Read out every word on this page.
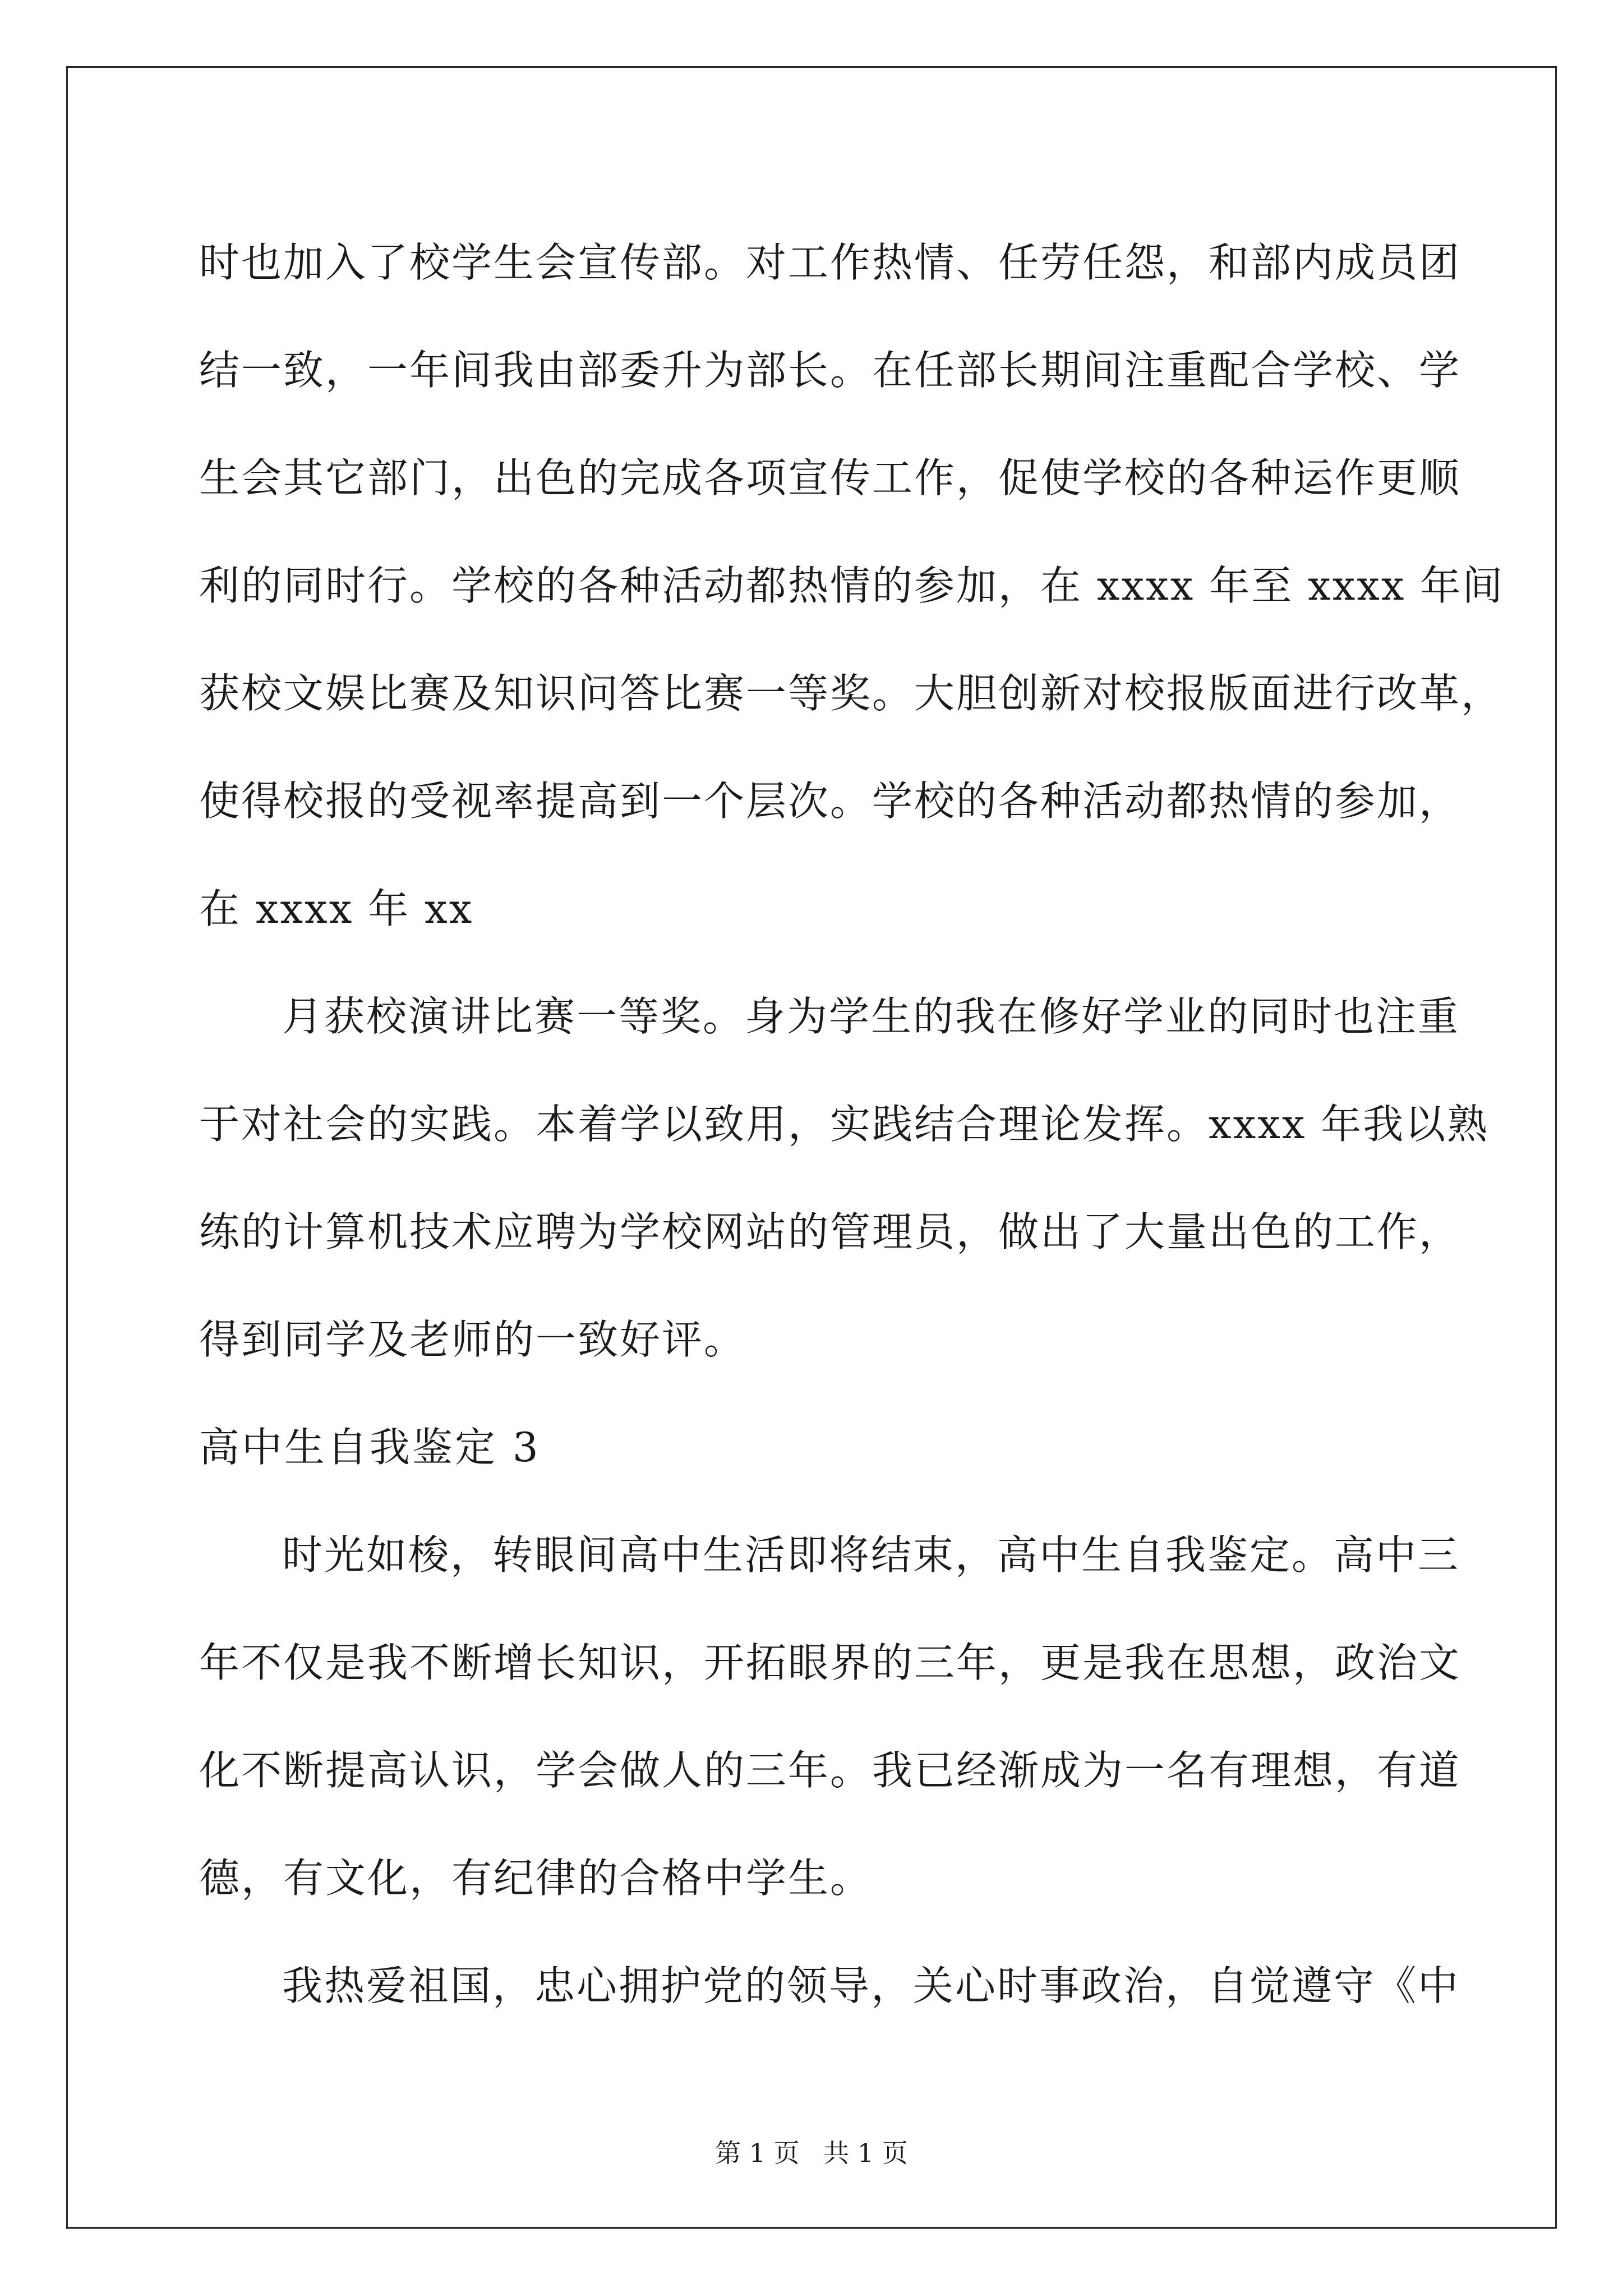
时也加入了校学生会宣传部。对工作热情、任劳任怨，和部内成员团
结一致，一年间我由部委升为部长。在任部长期间注重配合学校、学
生会其它部门，出色的完成各项宣传工作，促使学校的各种运作更顺
利的同时行。学校的各种活动都热情的参加，在 xxxx 年至 xxxx 年间
获校文娱比赛及知识问答比赛一等奖。大胆创新对校报版面进行改革，
使得校报的受视率提高到一个层次。学校的各种活动都热情的参加，
在 xxxx 年 xx
月获校演讲比赛一等奖。身为学生的我在修好学业的同时也注重
于对社会的实践。本着学以致用，实践结合理论发挥。xxxx 年我以熟
练的计算机技术应聘为学校网站的管理员，做出了大量出色的工作，
得到同学及老师的一致好评。
高中生自我鉴定 3
时光如梭，转眼间高中生活即将结束，高中生自我鉴定。高中三
年不仅是我不断增长知识，开拓眼界的三年，更是我在思想，政治文
化不断提高认识，学会做人的三年。我已经渐成为一名有理想，有道
德，有文化，有纪律的合格中学生。
我热爱祖国，忠心拥护党的领导，关心时事政治，自觉遵守《中
第 1 页 共 1 页
